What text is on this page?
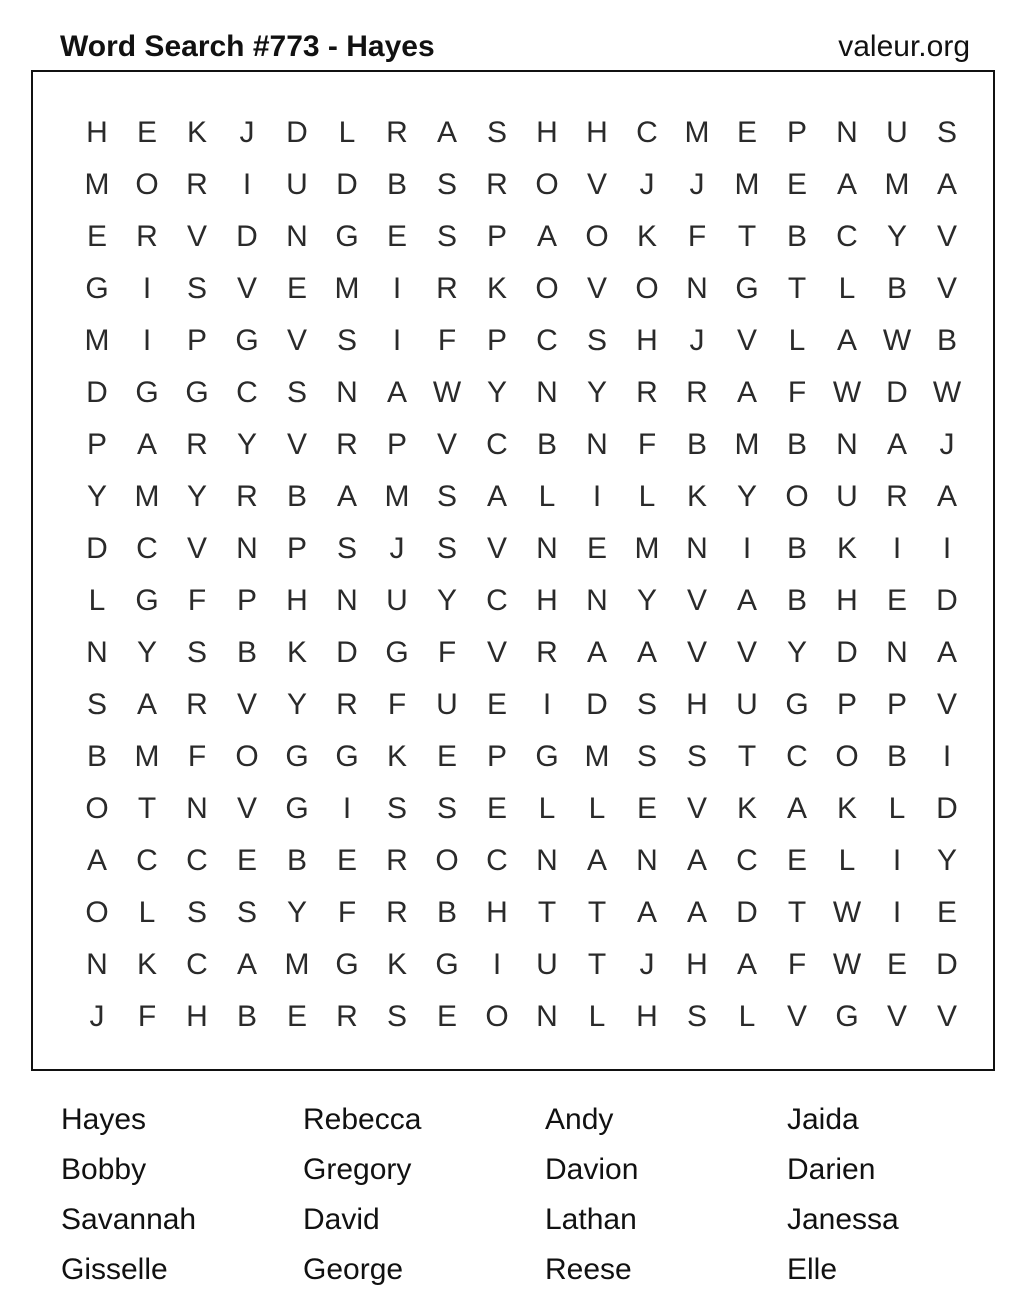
Word Search #773 - Hayes	valeur.org
H E K	J	D	L	R A S H H C M E P N U S
M O R	I	U D B S R O V	J	J	M E A M A
E R V D N G E S P A O K	F	T	B C Y V
G	I	S V E M	I	R K O V O N G T	L	B V
M	I	P G V S	I	F	P C S H	J	V	L	A W B
D G G C S N A W Y N Y R R A	F W D W
P A R Y V R P V C B N	F	B M B N A	J
Y M Y R B A M S A	L	I	L	K Y O U R A
D C V N P S	J	S V N E M N	I	B K	I	I
L G F	P H N U Y C H N Y V A B H E D
N Y S B K D G F	V R A A V V Y D N A
S A R V Y R	F	U E	I	D S H U G P P V
B M F O G G K E P G M S S	T	C O B	I
O T	N V G	I	S S E	L	L	E V K A K	L	D
A C C E B E R O C N A N A C E	L	I	Y
O L	S S Y	F	R B H	T	T	A A D	T W	I	E
N K C A M G K G	I	U	T	J	H A	F W E D
J	F	H B E R S E O N	L	H S	L	V G V V
Hayes	Rebecca	Andy	Jaida
Bobby	Gregory	Davion	Darien
Savannah	David	Lathan	Janessa
Gisselle	George	Reese	Elle
